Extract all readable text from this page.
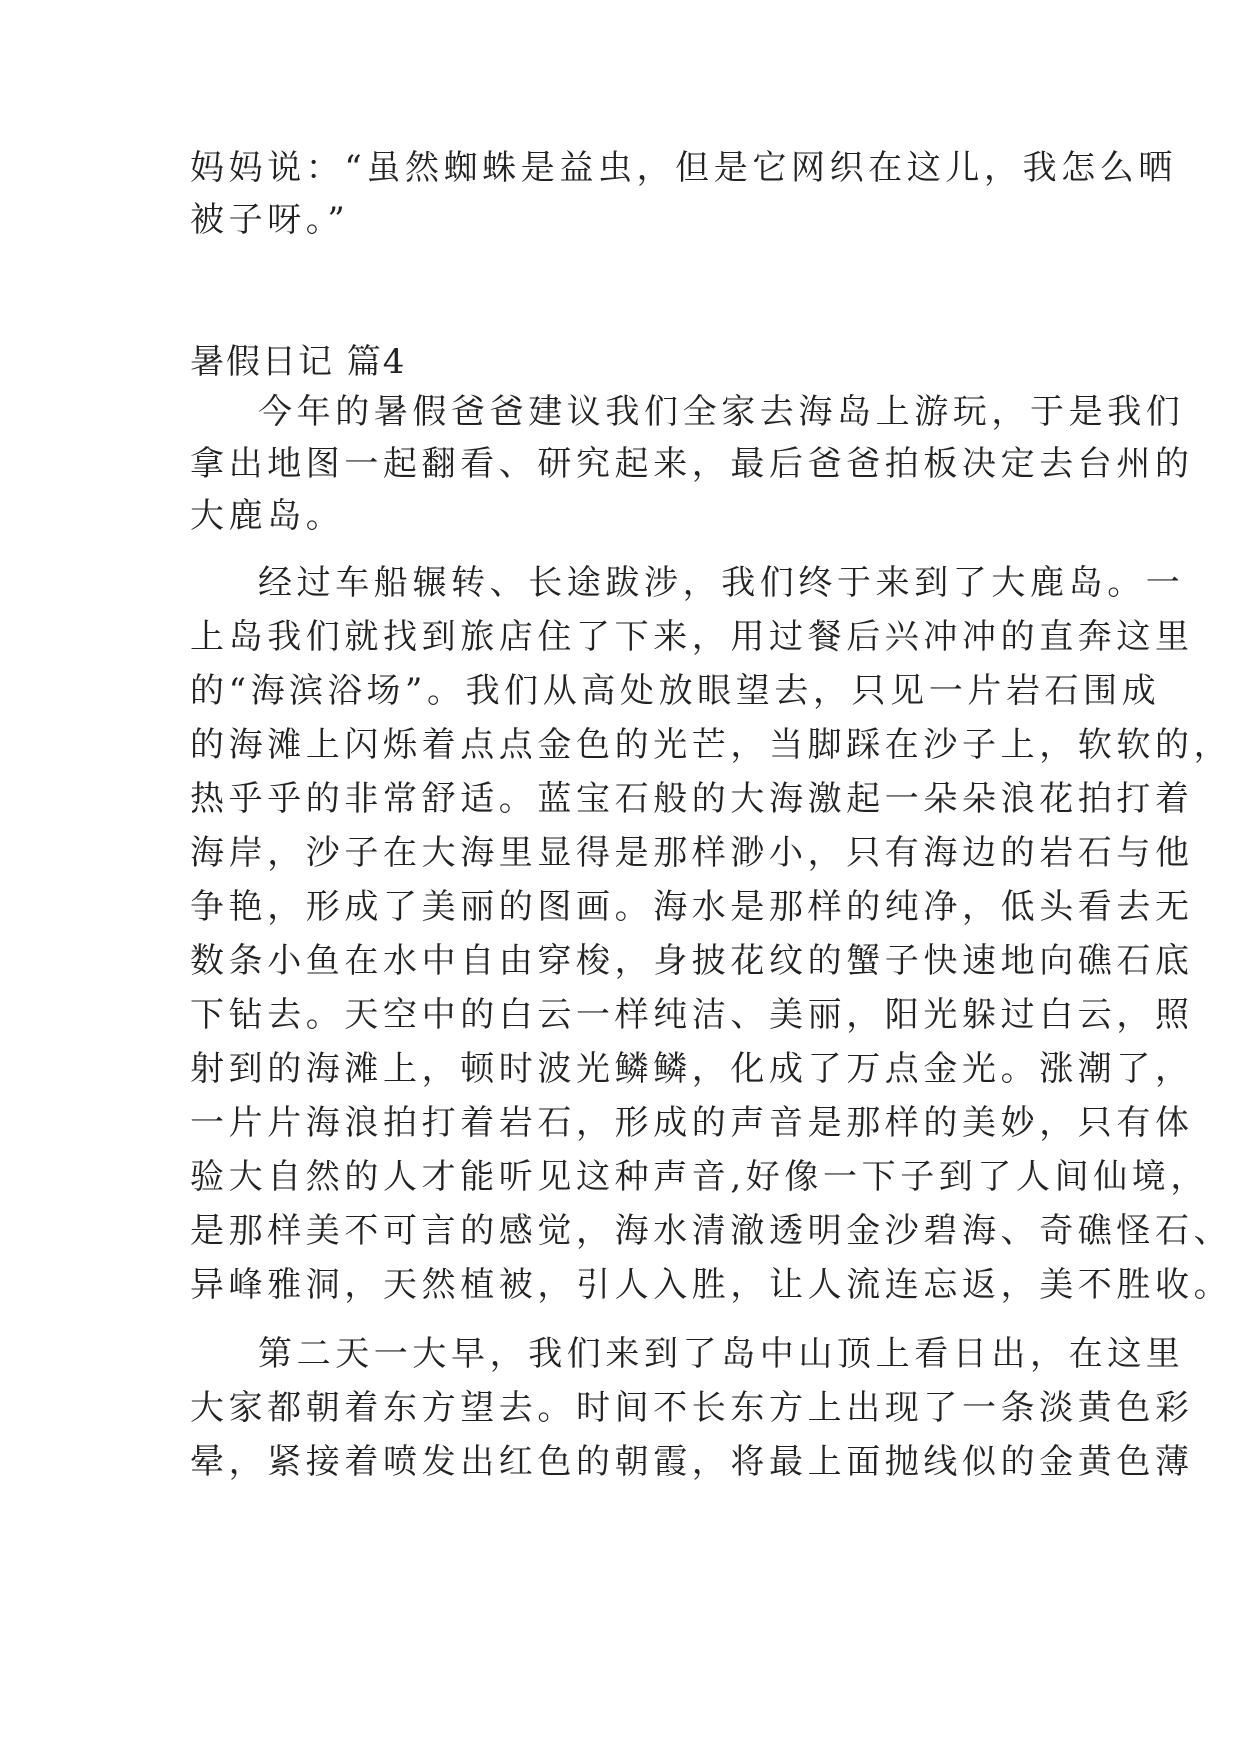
妈妈说：“虽然蜘蛛是益虫，但是它网织在这儿，我怎么晒

被子呀。”

暑假日记 篇4

今年的暑假爸爸建议我们全家去海岛上游玩，于是我们

拿出地图一起翻看、研究起来，最后爸爸拍板决定去台州的

大鹿岛。

经过车船辗转、长途跋涉，我们终于来到了大鹿岛。一

上岛我们就找到旅店住了下来，用过餐后兴冲冲的直奔这里

的“海滨浴场”。我们从高处放眼望去，只见一片岩石围成

的海滩上闪烁着点点金色的光芒，当脚踩在沙子上，软软的，

热乎乎的非常舒适。蓝宝石般的大海激起一朵朵浪花拍打着

海岸，沙子在大海里显得是那样渺小，只有海边的岩石与他

争艳，形成了美丽的图画。海水是那样的纯净，低头看去无

数条小鱼在水中自由穿梭，身披花纹的蟹子快速地向礁石底

下钻去。天空中的白云一样纯洁、美丽，阳光躲过白云，照

射到的海滩上，顿时波光鳞鳞，化成了万点金光。涨潮了，

一片片海浪拍打着岩石，形成的声音是那样的美妙，只有体

验大自然的人才能听见这种声音,好像一下子到了人间仙境，

是那样美不可言的感觉，海水清澈透明金沙碧海、奇礁怪石、

异峰雅洞，天然植被，引人入胜，让人流连忘返，美不胜收。

第二天一大早，我们来到了岛中山顶上看日出，在这里

大家都朝着东方望去。时间不长东方上出现了一条淡黄色彩

晕，紧接着喷发出红色的朝霞，将最上面抛线似的金黄色薄
